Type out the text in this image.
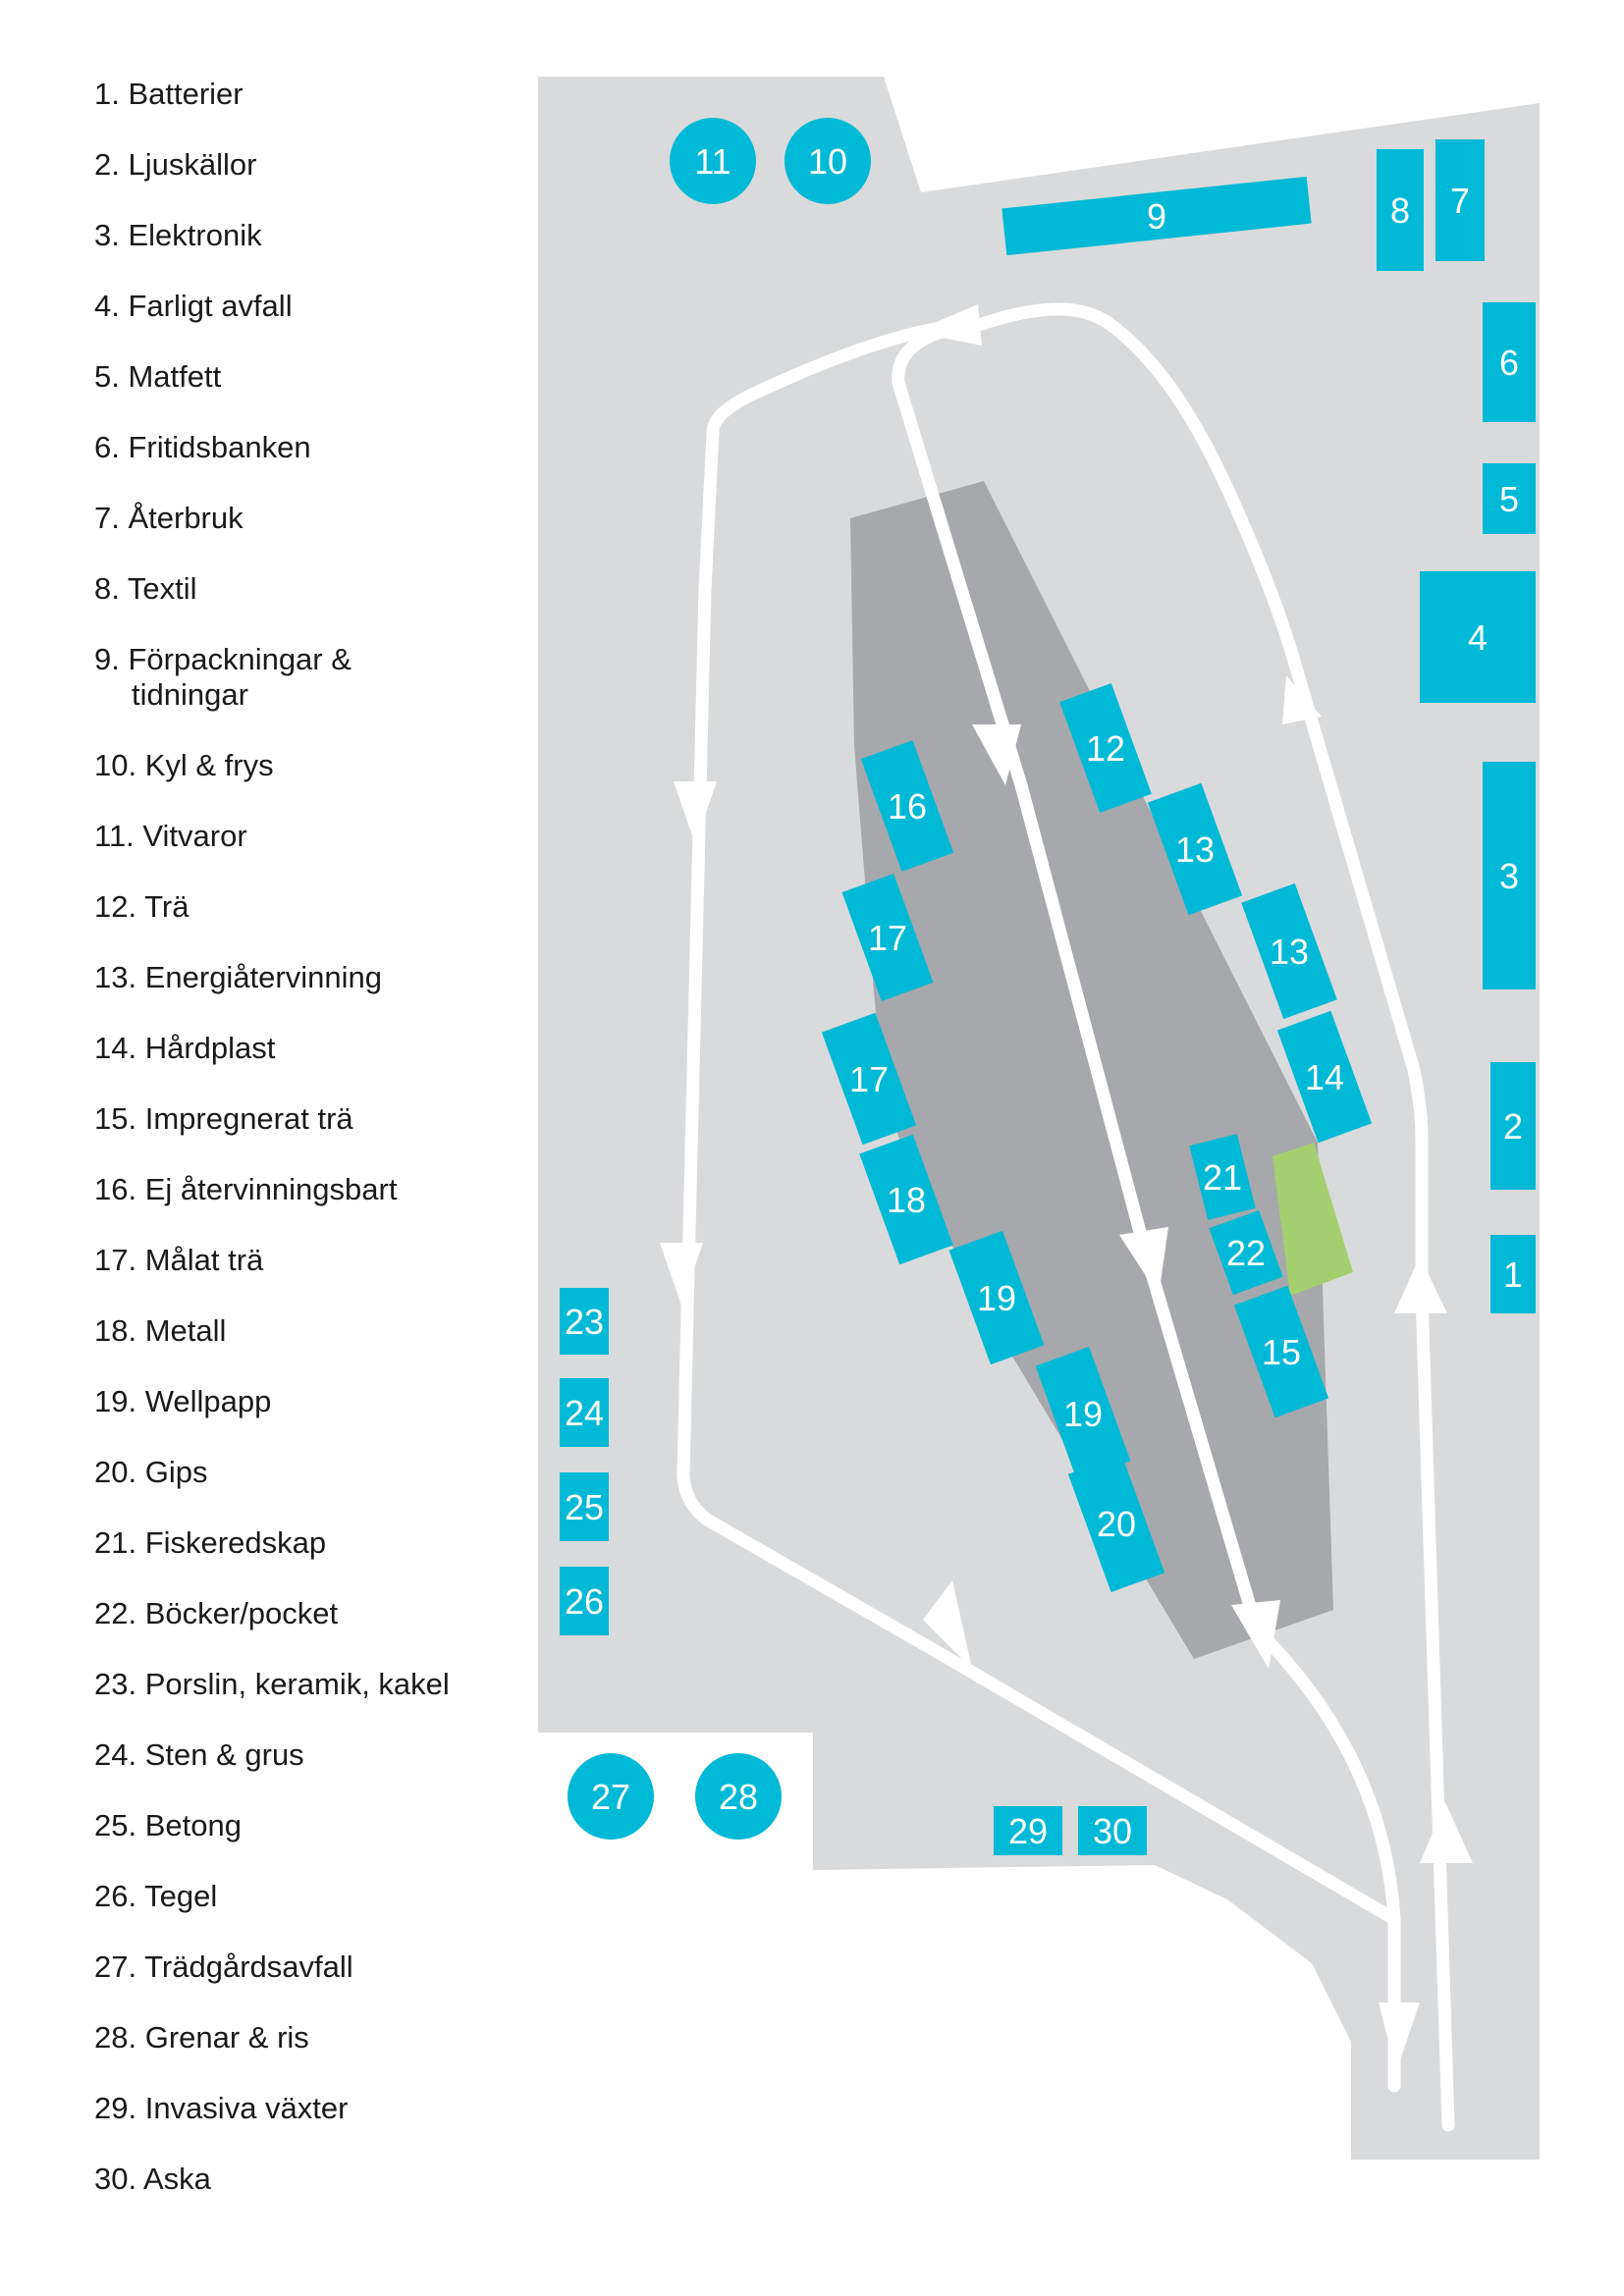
1. Batterier
2. Ljuskällor
3. Elektronik
4. Farligt avfall
5. Matfett
6. Fritidsbanken
7. Återbruk
8. Textil
9. Förpackningar &
tidningar
10. Kyl & frys
11. Vitvaror
12. Trä
13. Energiåtervinning
14. Hårdplast
15. Impregnerat trä
16. Ej återvinningsbart
17. Målat trä
18. Metall
19. Wellpapp
20. Gips
21. Fiskeredskap
22. Böcker/pocket
23. Porslin, keramik, kakel
24. Sten & grus
25. Betong
26. Tegel
27. Trädgårdsavfall
28. Grenar & ris
29. Invasiva växter
30. Aska
11 10
9	8 7
6
5
4
3
2
1
12
13
13
14
15
16
17
17
18
19
19
20
21
22
23
24
25
26
27 28
29 30
